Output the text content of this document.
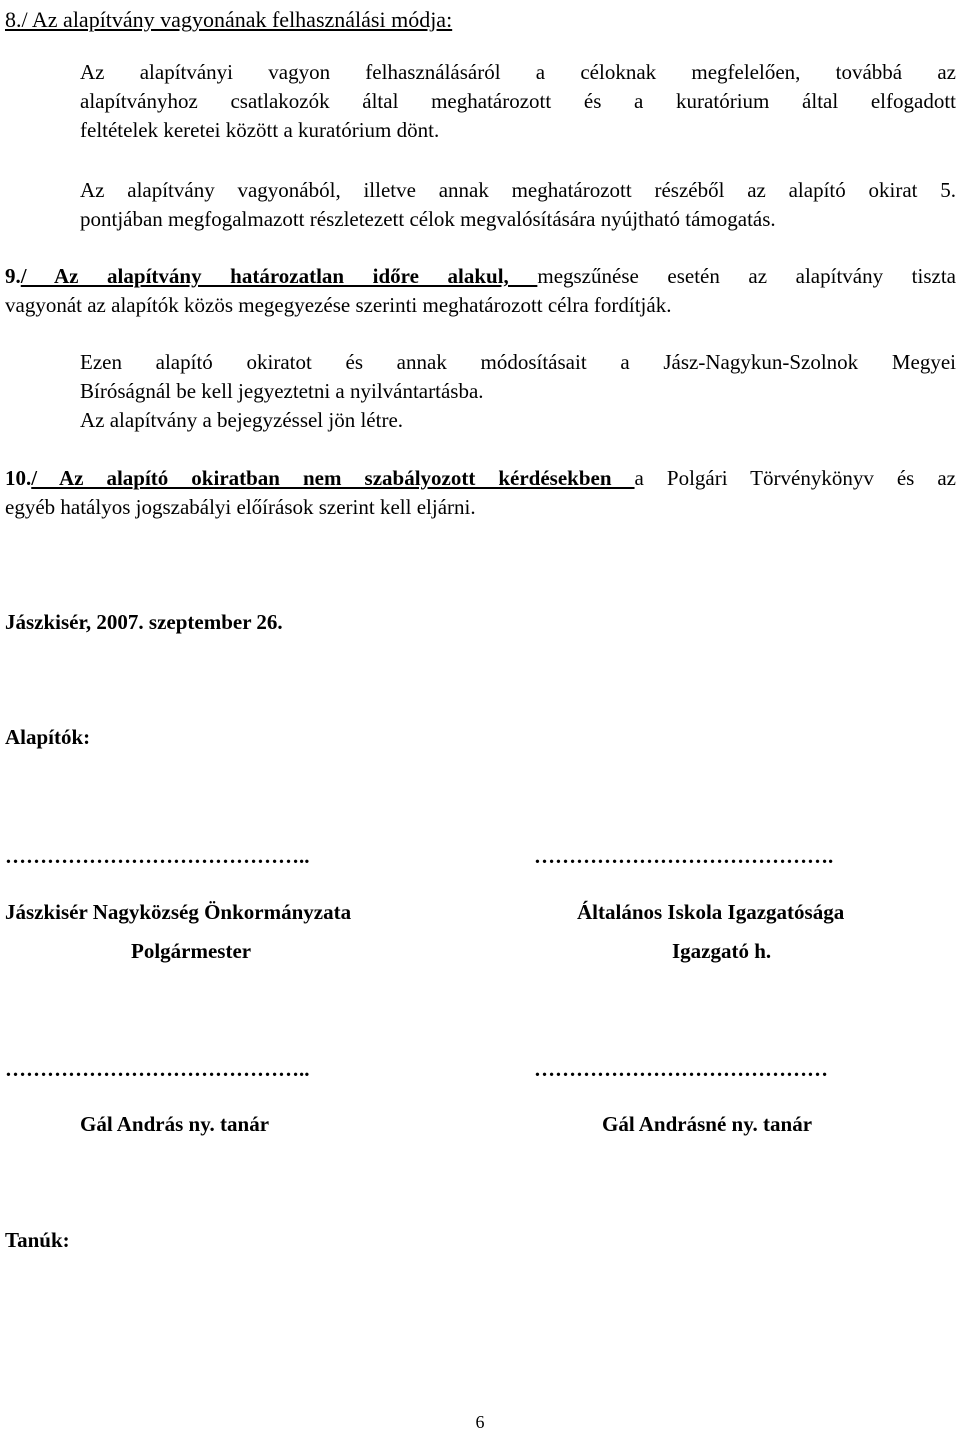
8./ Az alapítvány vagyonának felhasználási módja:
Az alapítványi vagyon felhasználásáról a céloknak megfelelően, továbbá az
alapítványhoz csatlakozók által meghatározott és a kuratórium által elfogadott
feltételek keretei között a kuratórium dönt.
Az alapítvány vagyonából, illetve annak meghatározott részéből az alapító okirat 5.
pontjában megfogalmazott részletezett célok megvalósítására nyújtható támogatás.
9./ Az alapítvány határozatlan időre alakul, megszűnése esetén az alapítvány tiszta
vagyonát az alapítók közös megegyezése szerinti meghatározott célra fordítják.
Ezen alapító okiratot és annak módosításait a Jász-Nagykun-Szolnok Megyei
Bíróságnál be kell jegyeztetni a nyilvántartásba.
Az alapítvány a bejegyzéssel jön létre.
10./ Az alapító okiratban nem szabályozott kérdésekben a Polgári Törvénykönyv és az
egyéb hatályos jogszabályi előírások szerint kell eljárni.
Jászkisér, 2007. szeptember 26.
Alapítók:
……………………………………..	…………………………………….
Jászkisér Nagyközség Önkormányzata	Általános Iskola Igazgatósága
Polgármester	Igazgató h.
……………………………………..	……………………………………
Gál András ny. tanár	Gál Andrásné ny. tanár
Tanúk:
6
